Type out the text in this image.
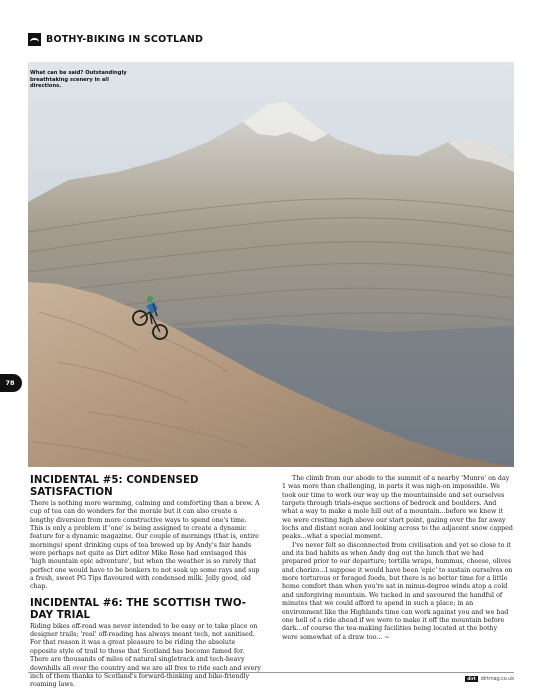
BOTHY-BIKING IN SCOTLAND
What can be said? Outstandingly breathtaking scenery in all directions.
78
INCIDENTAL #5: CONDENSED SATISFACTION

There is nothing more warming, calming and comforting than a brew. A cup of tea can do wonders for the morale but it can also create a lengthy diversion from more constructive ways to spend one's time. This is only a problem if 'one' is being assigned to create a dynamic feature for a dynamic magazine. Our couple of mornings (that is, entire mornings) spent drinking cups of tea brewed up by Andy's fair hands were perhaps not quite as Dirt editor Mike Rose had envisaged this 'high mountain epic adventure', but when the weather is so rarely that perfect one would have to be bonkers to not soak up some rays and sup a fresh, sweet PG Tips flavoured with condensed milk. Jolly good, old chap.

INCIDENTAL #6: THE SCOTTISH TWO-DAY TRIAL

Riding bikes off-road was never intended to be easy or to take place on designer trails; 'real' off-roading has always meant tech, not sanitised. For that reason it was a great pleasure to be riding the absolute opposite style of trail to those that Scotland has become famed for. There are thousands of miles of natural singletrack and tech-heavy downhills all over the country and we are all free to ride each and every inch of them thanks to Scotland's forward-thinking and bike-friendly roaming laws.

The climb from our abode to the summit of a nearby 'Munro' on day 1 was more than challenging, in parts it was nigh-on impossible. We took our time to work our way up the mountainside and set ourselves targets through trials-esque sections of bedrock and boulders. And what a way to make a mole hill out of a mountain...before we knew it we were cresting high above our start point, gazing over the far away lochs and distant ocean and looking across to the adjacent snow capped peaks...what a special moment.

I've never felt so disconnected from civilisation and yet so close to it and its bad habits as when Andy dug out the lunch that we had prepared prior to our departure; tortilla wraps, hummus, cheese, olives and chorizo...I suppose it would have been 'epic' to sustain ourselves on more torturous or foraged foods, but there is no better time for a little home comfort than when you're sat in minus-degree winds atop a cold and unforgiving mountain. We tucked in and savoured the handful of minutes that we could afford to spend in such a place; in an environment like the Highlands time can work against you and we had one hell of a ride ahead if we were to make it off the mountain before dark...of course the tea-making facilities being located at the bothy were somewhat of a draw too... ~

dirt	dirtmag.co.uk
